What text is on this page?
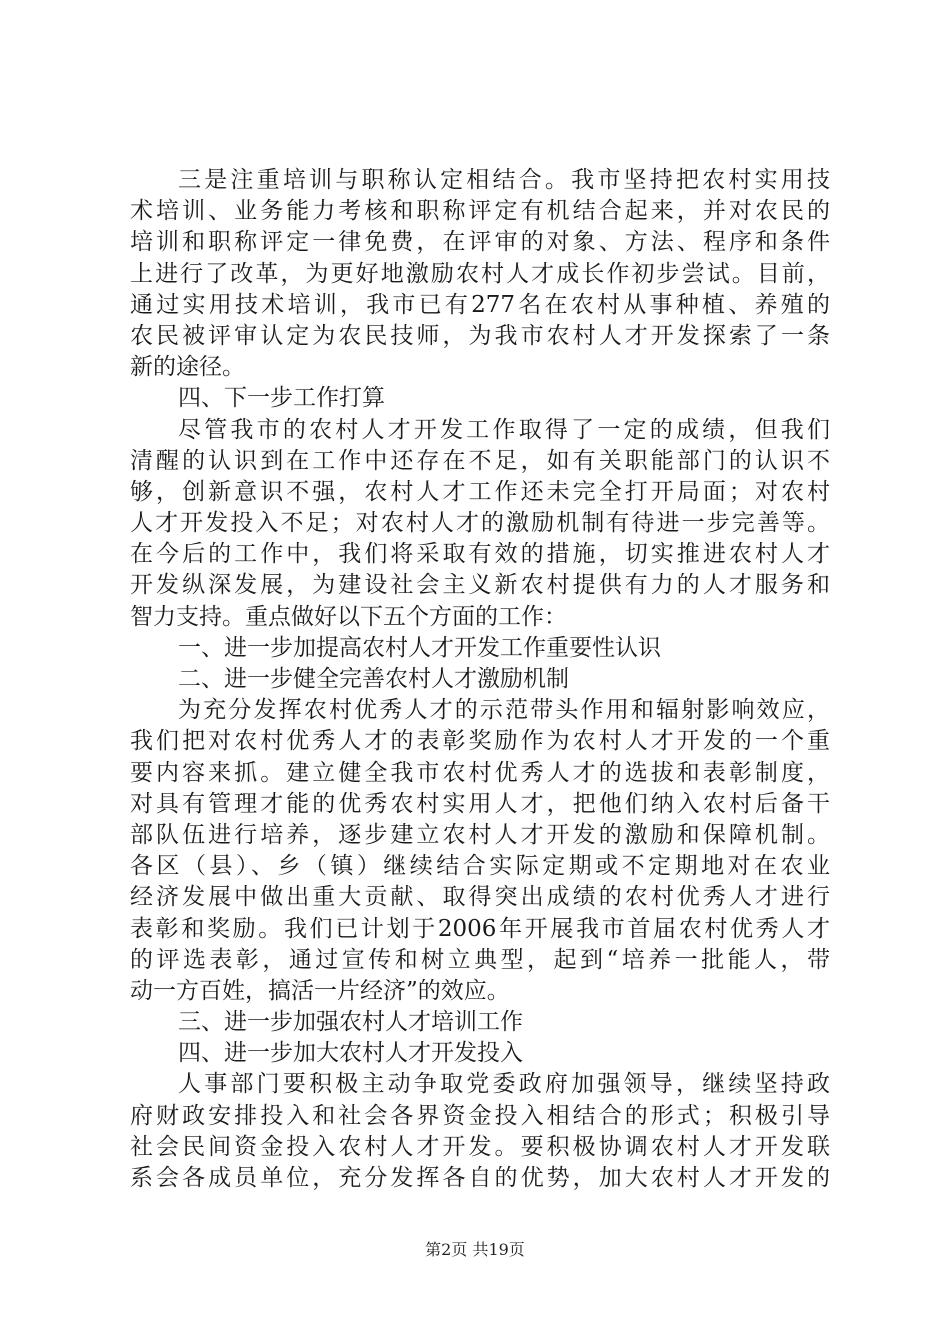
三是注重培训与职称认定相结合。我市坚持把农村实用技
术培训、业务能力考核和职称评定有机结合起来，并对农民的
培训和职称评定一律免费，在评审的对象、方法、程序和条件
上进行了改革，为更好地激励农村人才成长作初步尝试。目前，
通过实用技术培训，我市已有277名在农村从事种植、养殖的
农民被评审认定为农民技师，为我市农村人才开发探索了一条
新的途径。
四、下一步工作打算
尽管我市的农村人才开发工作取得了一定的成绩，但我们
清醒的认识到在工作中还存在不足，如有关职能部门的认识不
够，创新意识不强，农村人才工作还未完全打开局面；对农村
人才开发投入不足；对农村人才的激励机制有待进一步完善等。
在今后的工作中，我们将采取有效的措施，切实推进农村人才
开发纵深发展，为建设社会主义新农村提供有力的人才服务和
智力支持。重点做好以下五个方面的工作：
一、进一步加提高农村人才开发工作重要性认识
二、进一步健全完善农村人才激励机制
为充分发挥农村优秀人才的示范带头作用和辐射影响效应，
我们把对农村优秀人才的表彰奖励作为农村人才开发的一个重
要内容来抓。建立健全我市农村优秀人才的选拔和表彰制度，
对具有管理才能的优秀农村实用人才，把他们纳入农村后备干
部队伍进行培养，逐步建立农村人才开发的激励和保障机制。
各区（县）、乡（镇）继续结合实际定期或不定期地对在农业
经济发展中做出重大贡献、取得突出成绩的农村优秀人才进行
表彰和奖励。我们已计划于2006年开展我市首届农村优秀人才
的评选表彰，通过宣传和树立典型，起到“培养一批能人，带
动一方百姓，搞活一片经济”的效应。
三、进一步加强农村人才培训工作
四、进一步加大农村人才开发投入
人事部门要积极主动争取党委政府加强领导，继续坚持政
府财政安排投入和社会各界资金投入相结合的形式；积极引导
社会民间资金投入农村人才开发。要积极协调农村人才开发联
系会各成员单位，充分发挥各自的优势，加大农村人才开发的
第2页 共19页
